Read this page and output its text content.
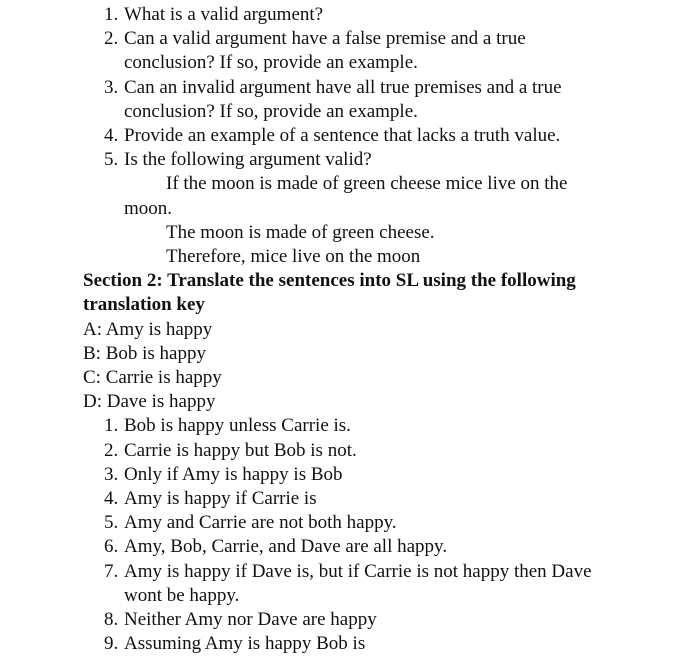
1. What is a valid argument?
2. Can a valid argument have a false premise and a true conclusion? If so, provide an example.
3. Can an invalid argument have all true premises and a true conclusion? If so, provide an example.
4. Provide an example of a sentence that lacks a truth value.
5. Is the following argument valid?
If the moon is made of green cheese mice live on the
moon.
The moon is made of green cheese.
Therefore, mice live on the moon
Section 2: Translate the sentences into SL using the following translation key
A: Amy is happy
B: Bob is happy
C: Carrie is happy
D: Dave is happy
1. Bob is happy unless Carrie is.
2. Carrie is happy but Bob is not.
3. Only if Amy is happy is Bob
4. Amy is happy if Carrie is
5. Amy and Carrie are not both happy.
6. Amy, Bob, Carrie, and Dave are all happy.
7. Amy is happy if Dave is, but if Carrie is not happy then Dave wont be happy.
8. Neither Amy nor Dave are happy
9. Assuming Amy is happy Bob is
